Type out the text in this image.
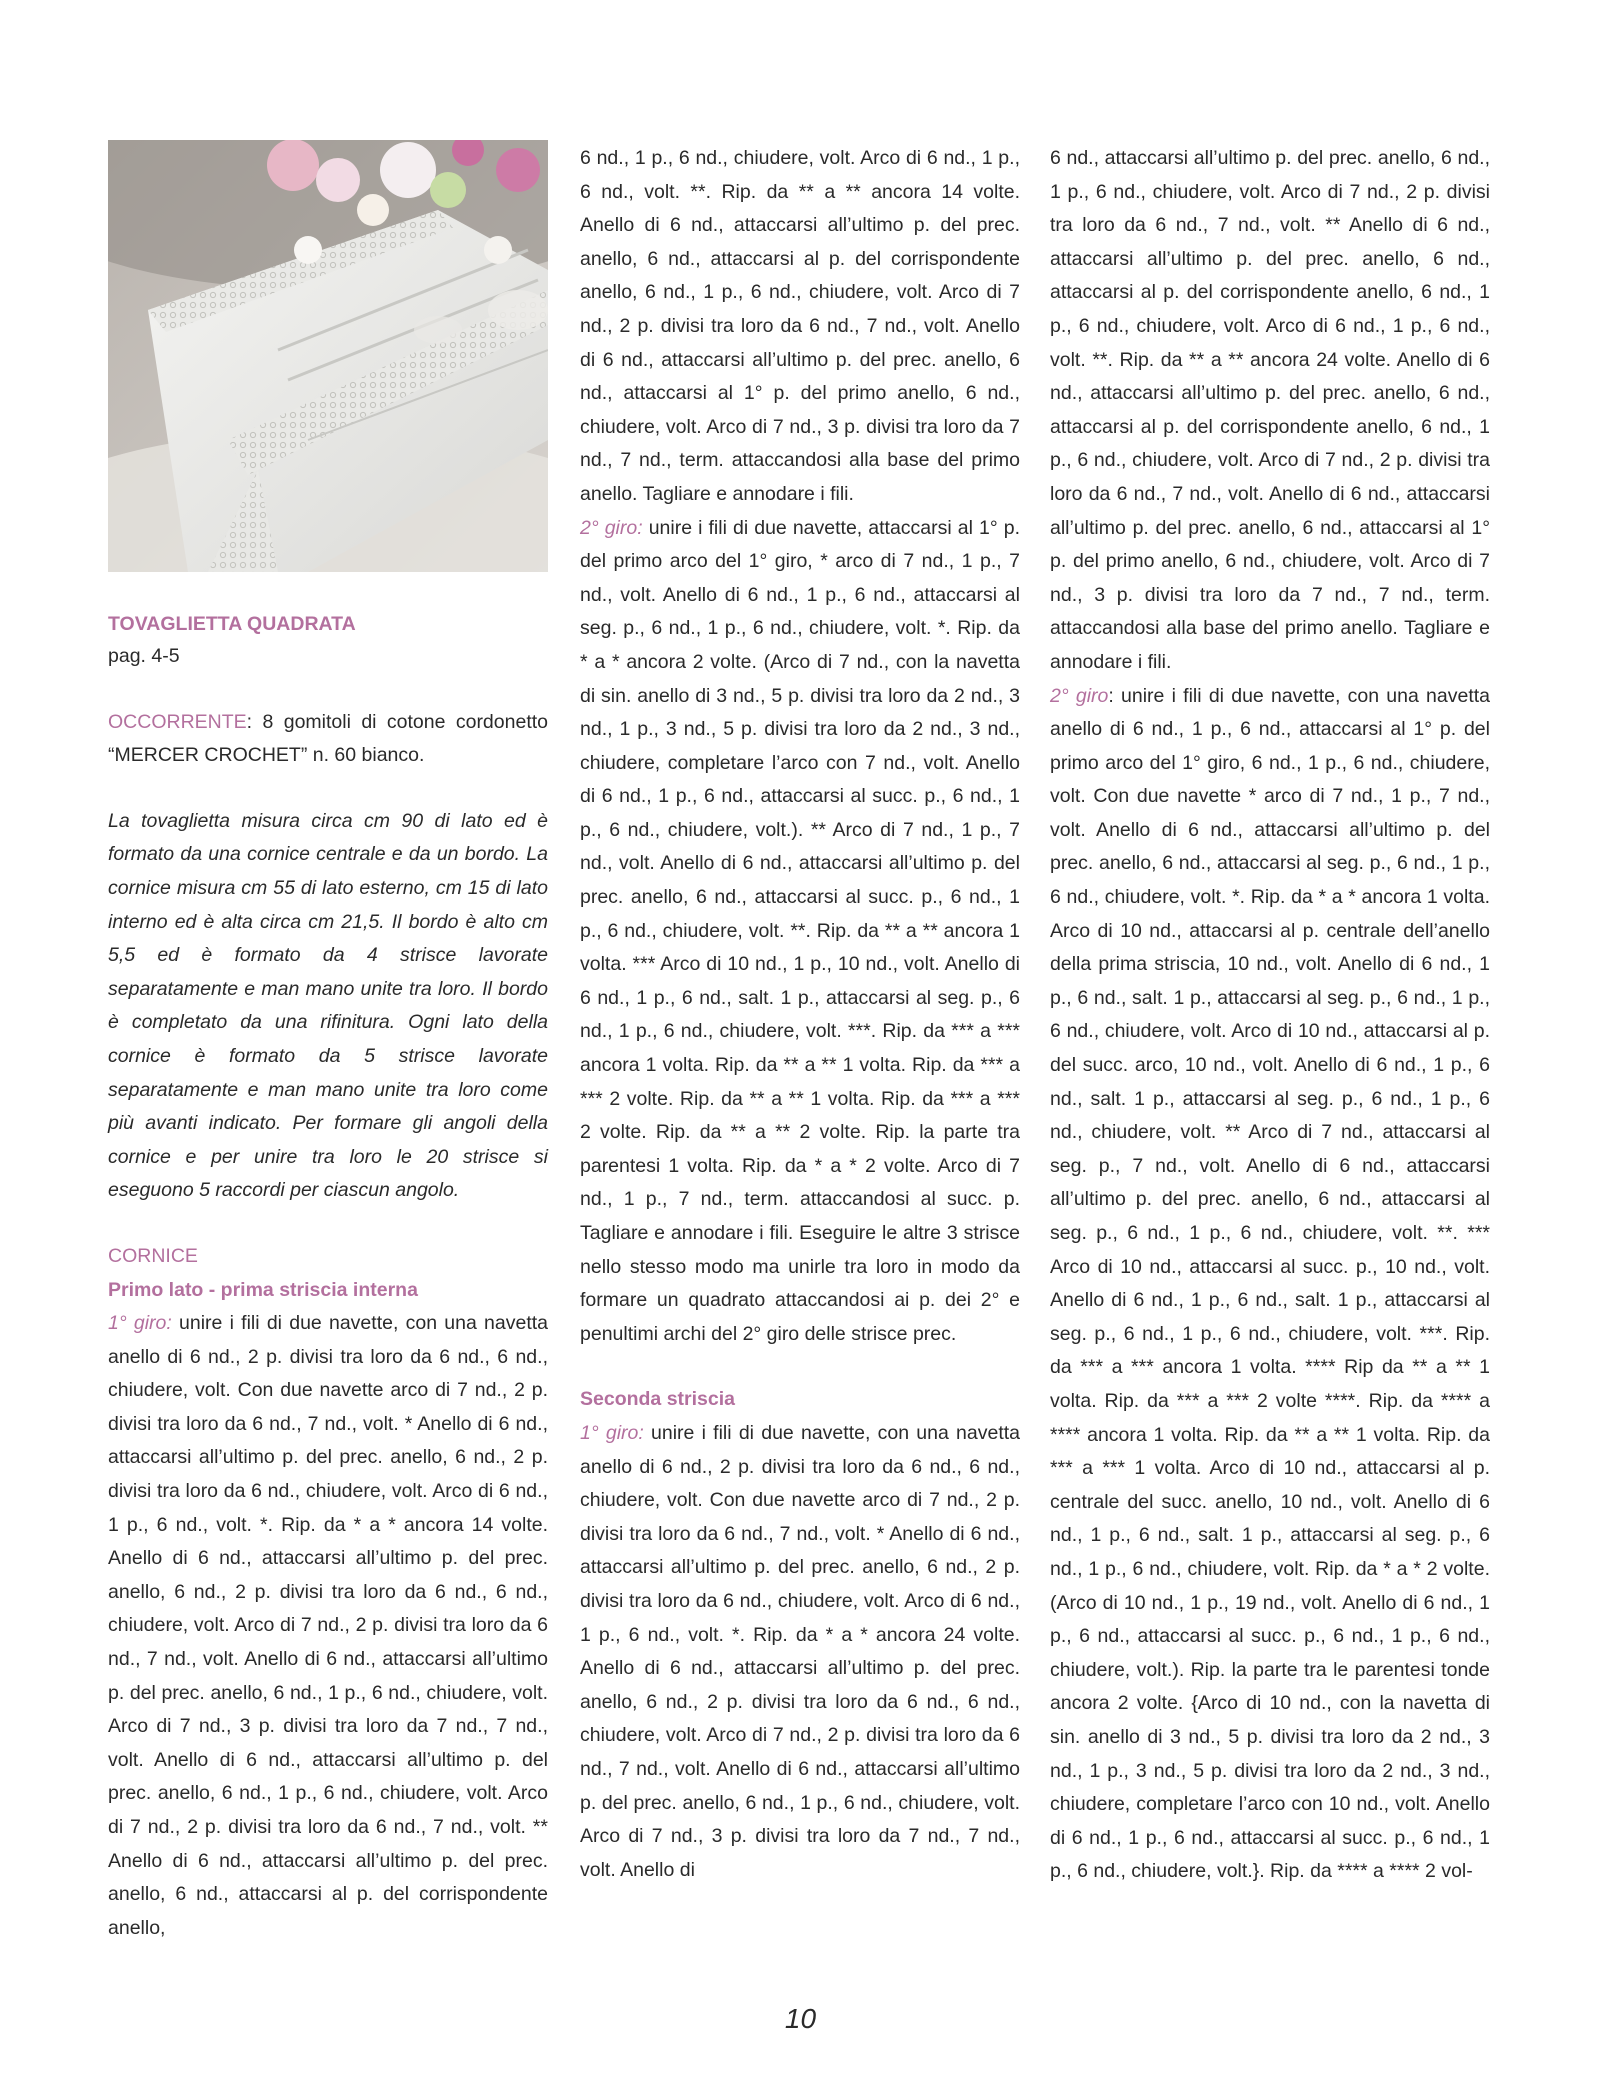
TOVAGLIETTA QUADRATA

pag. 4-5

OCCORRENTE: 8 gomitoli di cotone cordonetto “MERCER CROCHET” n. 60 bianco.

La tovaglietta misura circa cm 90 di lato ed è formato da una cornice centrale e da un bordo. La cornice misura cm 55 di lato esterno, cm 15 di lato interno ed è alta circa cm 21,5. Il bordo è alto cm 5,5 ed è formato da 4 strisce lavorate separatamente e man mano unite tra loro. Il bordo è completato da una rifinitura. Ogni lato della cornice è formato da 5 strisce lavorate separatamente e man mano unite tra loro come più avanti indicato. Per formare gli angoli della cornice e per unire tra loro le 20 strisce si eseguono 5 raccordi per ciascun angolo.

CORNICE

Primo lato - prima striscia interna

1° giro: unire i fili di due navette, con una navetta anello di 6 nd., 2 p. divisi tra loro da 6 nd., 6 nd., chiudere, volt. Con due navette arco di 7 nd., 2 p. divisi tra loro da 6 nd., 7 nd., volt. * Anello di 6 nd., attaccarsi all’ultimo p. del prec. anello, 6 nd., 2 p. divisi tra loro da 6 nd., chiudere, volt. Arco di 6 nd., 1 p., 6 nd., volt. *. Rip. da * a * ancora 14 volte. Anello di 6 nd., attaccarsi all’ultimo p. del prec. anello, 6 nd., 2 p. divisi tra loro da 6 nd., 6 nd., chiudere, volt. Arco di 7 nd., 2 p. divisi tra loro da 6 nd., 7 nd., volt. Anello di 6 nd., attaccarsi all’ultimo p. del prec. anello, 6 nd., 1 p., 6 nd., chiudere, volt. Arco di 7 nd., 3 p. divisi tra loro da 7 nd., 7 nd., volt. Anello di 6 nd., attaccarsi all’ultimo p. del prec. anello, 6 nd., 1 p., 6 nd., chiudere, volt. Arco di 7 nd., 2 p. divisi tra loro da 6 nd., 7 nd., volt. ** Anello di 6 nd., attaccarsi all’ultimo p. del prec. anello, 6 nd., attaccarsi al p. del corrispondente anello,

6 nd., 1 p., 6 nd., chiudere, volt. Arco di 6 nd., 1 p., 6 nd., volt. **. Rip. da ** a ** ancora 14 volte. Anello di 6 nd., attaccarsi all’ultimo p. del prec. anello, 6 nd., attaccarsi al p. del corrispondente anello, 6 nd., 1 p., 6 nd., chiudere, volt. Arco di 7 nd., 2 p. divisi tra loro da 6 nd., 7 nd., volt. Anello di 6 nd., attaccarsi all’ultimo p. del prec. anello, 6 nd., attaccarsi al 1° p. del primo anello, 6 nd., chiudere, volt. Arco di 7 nd., 3 p. divisi tra loro da 7 nd., 7 nd., term. attaccandosi alla base del primo anello. Tagliare e annodare i fili.

2° giro: unire i fili di due navette, attaccarsi al 1° p. del primo arco del 1° giro, * arco di 7 nd., 1 p., 7 nd., volt. Anello di 6 nd., 1 p., 6 nd., attaccarsi al seg. p., 6 nd., 1 p., 6 nd., chiudere, volt. *. Rip. da * a * ancora 2 volte. (Arco di 7 nd., con la navetta di sin. anello di 3 nd., 5 p. divisi tra loro da 2 nd., 3 nd., 1 p., 3 nd., 5 p. divisi tra loro da 2 nd., 3 nd., chiudere, completare l’arco con 7 nd., volt. Anello di 6 nd., 1 p., 6 nd., attaccarsi al succ. p., 6 nd., 1 p., 6 nd., chiudere, volt.). ** Arco di 7 nd., 1 p., 7 nd., volt. Anello di 6 nd., attaccarsi all’ultimo p. del prec. anello, 6 nd., attaccarsi al succ. p., 6 nd., 1 p., 6 nd., chiudere, volt. **. Rip. da ** a ** ancora 1 volta. *** Arco di 10 nd., 1 p., 10 nd., volt. Anello di 6 nd., 1 p., 6 nd., salt. 1 p., attaccarsi al seg. p., 6 nd., 1 p., 6 nd., chiudere, volt. ***. Rip. da *** a *** ancora 1 volta. Rip. da ** a ** 1 volta. Rip. da *** a *** 2 volte. Rip. da ** a ** 1 volta. Rip. da *** a *** 2 volte. Rip. da ** a ** 2 volte. Rip. la parte tra parentesi 1 volta. Rip. da * a * 2 volte. Arco di 7 nd., 1 p., 7 nd., term. attaccandosi al succ. p. Tagliare e annodare i fili. Eseguire le altre 3 strisce nello stesso modo ma unirle tra loro in modo da formare un quadrato attaccandosi ai p. dei 2° e penultimi archi del 2° giro delle strisce prec.

Seconda striscia

1° giro: unire i fili di due navette, con una navetta anello di 6 nd., 2 p. divisi tra loro da 6 nd., 6 nd., chiudere, volt. Con due navette arco di 7 nd., 2 p. divisi tra loro da 6 nd., 7 nd., volt. * Anello di 6 nd., attaccarsi all’ultimo p. del prec. anello, 6 nd., 2 p. divisi tra loro da 6 nd., chiudere, volt. Arco di 6 nd., 1 p., 6 nd., volt. *. Rip. da * a * ancora 24 volte. Anello di 6 nd., attaccarsi all’ultimo p. del prec. anello, 6 nd., 2 p. divisi tra loro da 6 nd., 6 nd., chiudere, volt. Arco di 7 nd., 2 p. divisi tra loro da 6 nd., 7 nd., volt. Anello di 6 nd., attaccarsi all’ultimo p. del prec. anello, 6 nd., 1 p., 6 nd., chiudere, volt. Arco di 7 nd., 3 p. divisi tra loro da 7 nd., 7 nd., volt. Anello di

6 nd., attaccarsi all’ultimo p. del prec. anello, 6 nd., 1 p., 6 nd., chiudere, volt. Arco di 7 nd., 2 p. divisi tra loro da 6 nd., 7 nd., volt. ** Anello di 6 nd., attaccarsi all’ultimo p. del prec. anello, 6 nd., attaccarsi al p. del corrispondente anello, 6 nd., 1 p., 6 nd., chiudere, volt. Arco di 6 nd., 1 p., 6 nd., volt. **. Rip. da ** a ** ancora 24 volte. Anello di 6 nd., attaccarsi all’ultimo p. del prec. anello, 6 nd., attaccarsi al p. del corrispondente anello, 6 nd., 1 p., 6 nd., chiudere, volt. Arco di 7 nd., 2 p. divisi tra loro da 6 nd., 7 nd., volt. Anello di 6 nd., attaccarsi all’ultimo p. del prec. anello, 6 nd., attaccarsi al 1° p. del primo anello, 6 nd., chiudere, volt. Arco di 7 nd., 3 p. divisi tra loro da 7 nd., 7 nd., term. attaccandosi alla base del primo anello. Tagliare e annodare i fili.

2° giro: unire i fili di due navette, con una navetta anello di 6 nd., 1 p., 6 nd., attaccarsi al 1° p. del primo arco del 1° giro, 6 nd., 1 p., 6 nd., chiudere, volt. Con due navette * arco di 7 nd., 1 p., 7 nd., volt. Anello di 6 nd., attaccarsi all’ultimo p. del prec. anello, 6 nd., attaccarsi al seg. p., 6 nd., 1 p., 6 nd., chiudere, volt. *. Rip. da * a * ancora 1 volta. Arco di 10 nd., attaccarsi al p. centrale dell’anello della prima striscia, 10 nd., volt. Anello di 6 nd., 1 p., 6 nd., salt. 1 p., attaccarsi al seg. p., 6 nd., 1 p., 6 nd., chiudere, volt. Arco di 10 nd., attaccarsi al p. del succ. arco, 10 nd., volt. Anello di 6 nd., 1 p., 6 nd., salt. 1 p., attaccarsi al seg. p., 6 nd., 1 p., 6 nd., chiudere, volt. ** Arco di 7 nd., attaccarsi al seg. p., 7 nd., volt. Anello di 6 nd., attaccarsi all’ultimo p. del prec. anello, 6 nd., attaccarsi al seg. p., 6 nd., 1 p., 6 nd., chiudere, volt. **. *** Arco di 10 nd., attaccarsi al succ. p., 10 nd., volt. Anello di 6 nd., 1 p., 6 nd., salt. 1 p., attaccarsi al seg. p., 6 nd., 1 p., 6 nd., chiudere, volt. ***. Rip. da *** a *** ancora 1 volta. **** Rip da ** a ** 1 volta. Rip. da *** a *** 2 volte ****. Rip. da **** a **** ancora 1 volta. Rip. da ** a ** 1 volta. Rip. da *** a *** 1 volta. Arco di 10 nd., attaccarsi al p. centrale del succ. anello, 10 nd., volt. Anello di 6 nd., 1 p., 6 nd., salt. 1 p., attaccarsi al seg. p., 6 nd., 1 p., 6 nd., chiudere, volt. Rip. da * a * 2 volte. (Arco di 10 nd., 1 p., 19 nd., volt. Anello di 6 nd., 1 p., 6 nd., attaccarsi al succ. p., 6 nd., 1 p., 6 nd., chiudere, volt.). Rip. la parte tra le parentesi tonde ancora 2 volte. {Arco di 10 nd., con la navetta di sin. anello di 3 nd., 5 p. divisi tra loro da 2 nd., 3 nd., 1 p., 3 nd., 5 p. divisi tra loro da 2 nd., 3 nd., chiudere, completare l’arco con 10 nd., volt. Anello di 6 nd., 1 p., 6 nd., attaccarsi al succ. p., 6 nd., 1 p., 6 nd., chiudere, volt.}. Rip. da **** a **** 2 vol-

10
